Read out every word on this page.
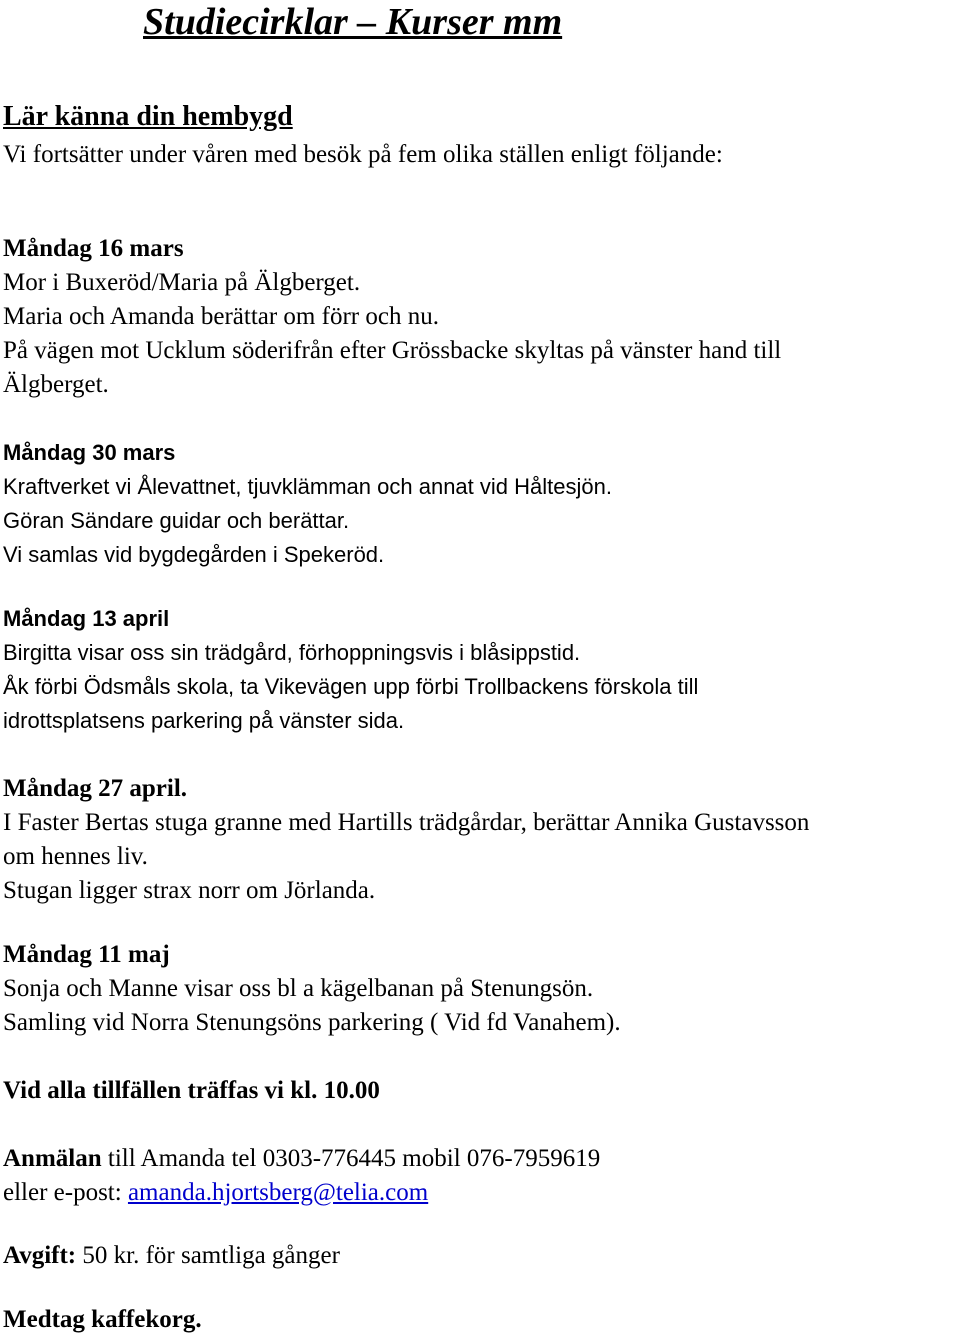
Studiecirklar – Kurser mm
Lär känna din hembygd
Vi fortsätter under våren med besök på fem olika ställen enligt följande:
Måndag 16 mars
Mor i Buxeröd/Maria på Älgberget.
Maria och Amanda berättar om förr och nu.
På vägen mot Ucklum söderifrån efter Grössbacke skyltas på vänster hand till
Älgberget.
Måndag 30 mars
Kraftverket vi Ålevattnet, tjuvklämman och annat vid Håltesjön.
Göran Sändare guidar och berättar.
Vi samlas vid bygdegården i Spekeröd.
Måndag 13 april
Birgitta visar oss sin trädgård, förhoppningsvis i blåsippstid.
Åk förbi Ödsmåls skola, ta Vikevägen upp förbi Trollbackens förskola till
idrottsplatsens parkering på vänster sida.
Måndag 27 april.
I Faster Bertas stuga granne med Hartills trädgårdar, berättar Annika Gustavsson
om hennes liv.
Stugan ligger strax norr om Jörlanda.
Måndag 11 maj
Sonja och Manne visar oss bl a kägelbanan på Stenungsön.
Samling vid Norra Stenungsöns parkering ( Vid fd Vanahem).
Vid alla tillfällen träffas vi kl. 10.00
Anmälan till Amanda tel 0303-776445 mobil 076-7959619
eller e-post: amanda.hjortsberg@telia.com
Avgift: 50 kr. för samtliga gånger
Medtag kaffekorg.
